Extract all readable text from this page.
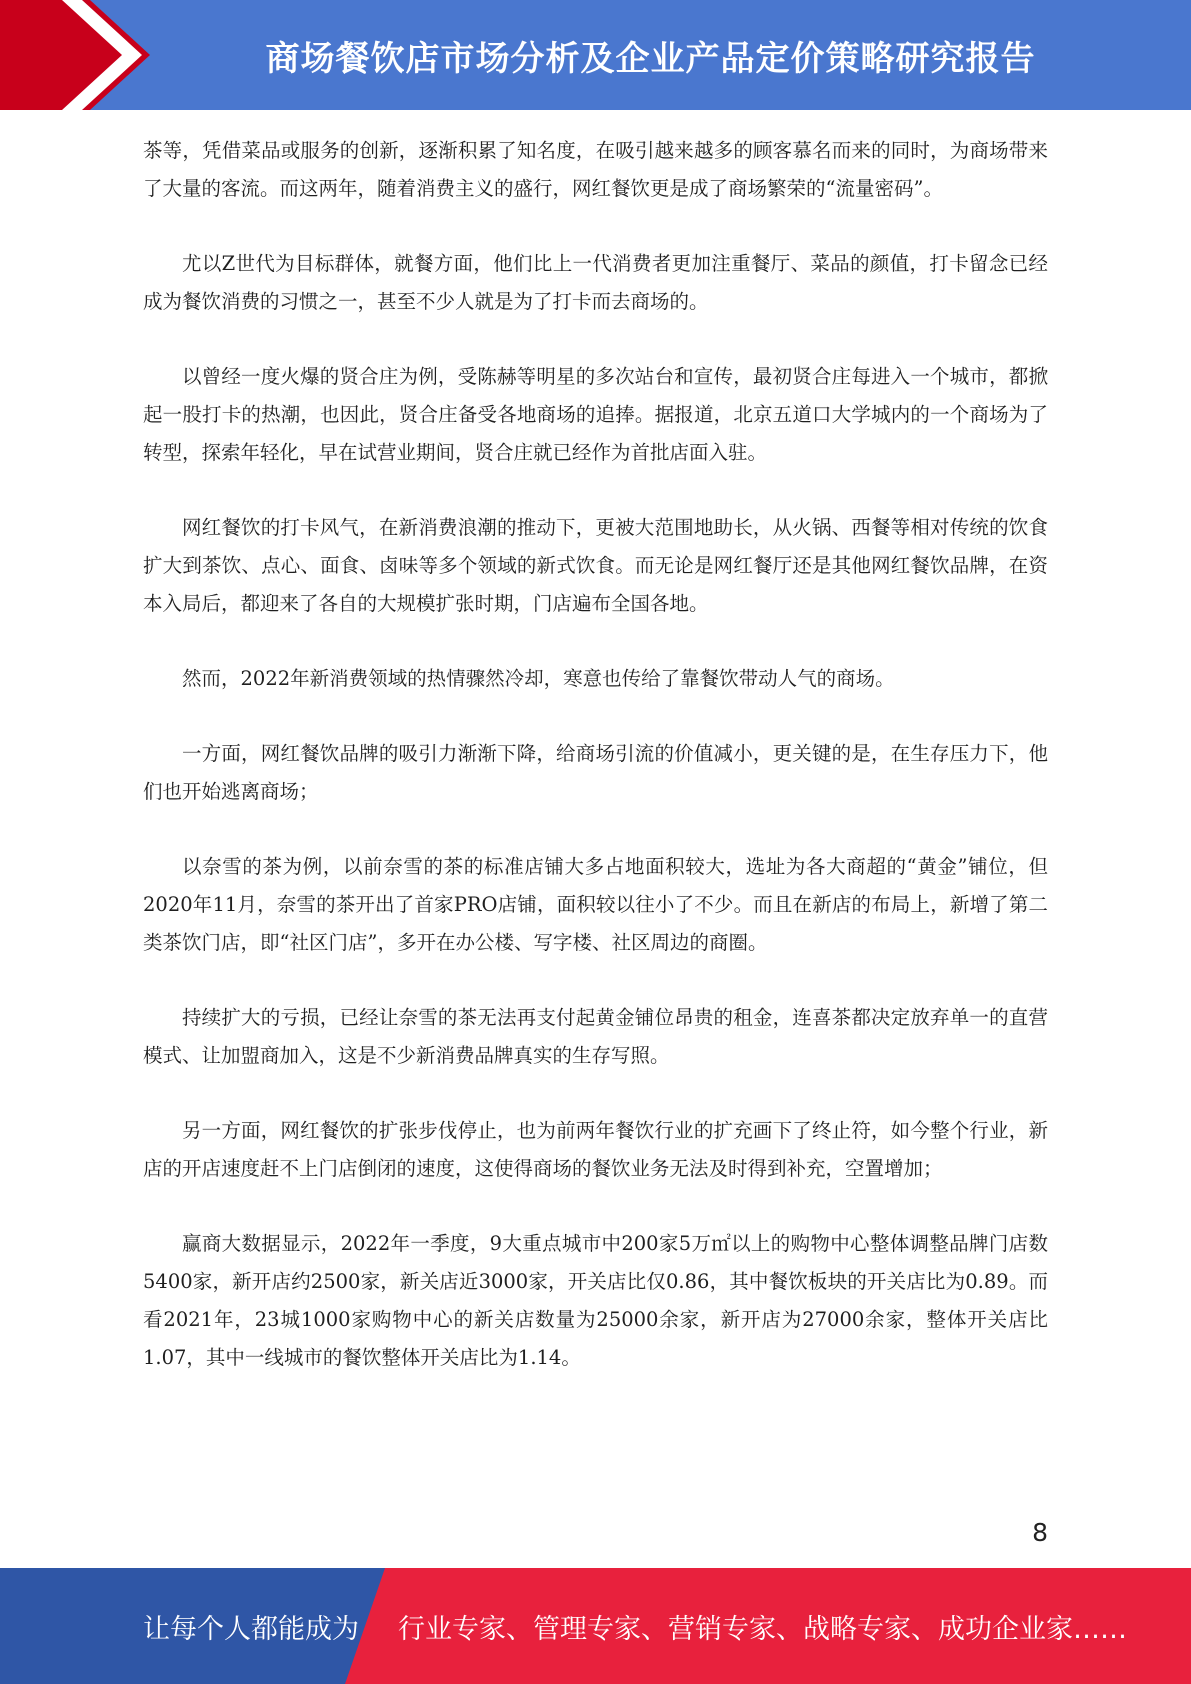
商场餐饮店市场分析及企业产品定价策略研究报告

茶等，凭借菜品或服务的创新，逐渐积累了知名度，在吸引越来越多的顾客慕名而来的同时，为商场带来了大量的客流。而这两年，随着消费主义的盛行，网红餐饮更是成了商场繁荣的“流量密码”。

尤以Z世代为目标群体，就餐方面，他们比上一代消费者更加注重餐厅、菜品的颜值，打卡留念已经成为餐饮消费的习惯之一，甚至不少人就是为了打卡而去商场的。

以曾经一度火爆的贤合庄为例，受陈赫等明星的多次站台和宣传，最初贤合庄每进入一个城市，都掀起一股打卡的热潮，也因此，贤合庄备受各地商场的追捧。据报道，北京五道口大学城内的一个商场为了转型，探索年轻化，早在试营业期间，贤合庄就已经作为首批店面入驻。

网红餐饮的打卡风气，在新消费浪潮的推动下，更被大范围地助长，从火锅、西餐等相对传统的饮食扩大到茶饮、点心、面食、卤味等多个领域的新式饮食。而无论是网红餐厅还是其他网红餐饮品牌，在资本入局后，都迎来了各自的大规模扩张时期，门店遍布全国各地。

然而，2022年新消费领域的热情骤然冷却，寒意也传给了靠餐饮带动人气的商场。

一方面，网红餐饮品牌的吸引力渐渐下降，给商场引流的价值减小，更关键的是，在生存压力下，他们也开始逃离商场；

以奈雪的茶为例，以前奈雪的茶的标准店铺大多占地面积较大，选址为各大商超的“黄金”铺位，但2020年11月，奈雪的茶开出了首家PRO店铺，面积较以往小了不少。而且在新店的布局上，新增了第二类茶饮门店，即“社区门店”，多开在办公楼、写字楼、社区周边的商圈。

持续扩大的亏损，已经让奈雪的茶无法再支付起黄金铺位昂贵的租金，连喜茶都决定放弃单一的直营模式、让加盟商加入，这是不少新消费品牌真实的生存写照。

另一方面，网红餐饮的扩张步伐停止，也为前两年餐饮行业的扩充画下了终止符，如今整个行业，新店的开店速度赶不上门店倒闭的速度，这使得商场的餐饮业务无法及时得到补充，空置增加；

赢商大数据显示，2022年一季度，9大重点城市中200家5万㎡以上的购物中心整体调整品牌门店数5400家，新开店约2500家，新关店近3000家，开关店比仅0.86，其中餐饮板块的开关店比为0.89。而看2021年，23城1000家购物中心的新关店数量为25000余家，新开店为27000余家，整体开关店比1.07，其中一线城市的餐饮整体开关店比为1.14。

8
让每个人都能成为 行业专家、管理专家、营销专家、战略专家、成功企业家……
